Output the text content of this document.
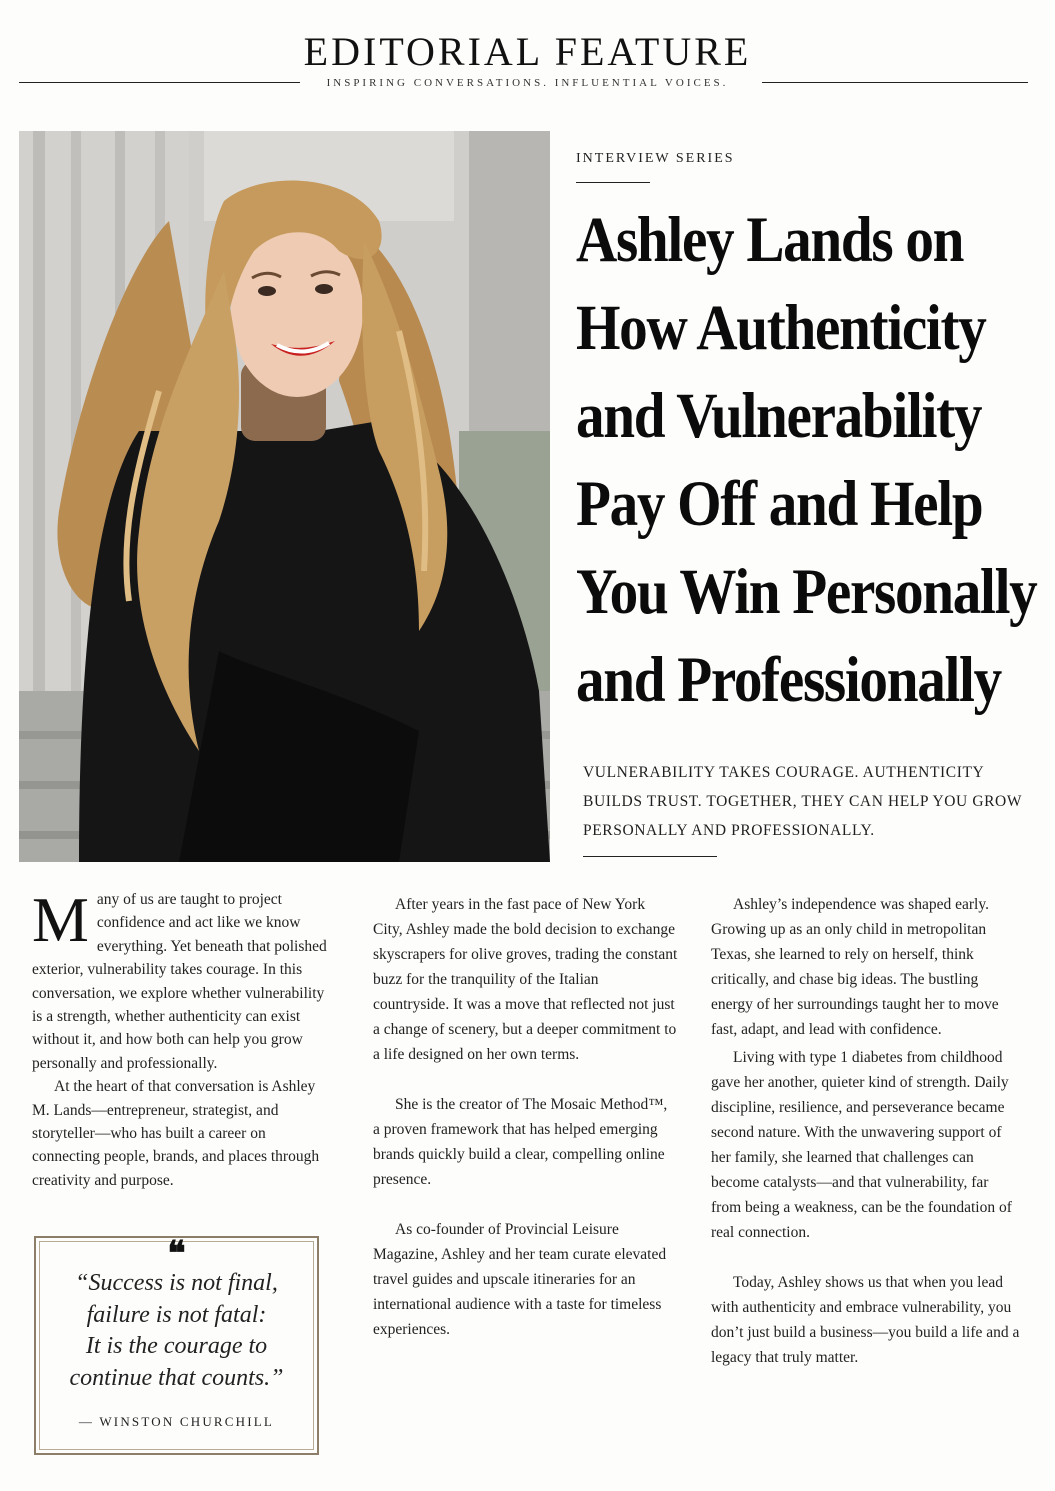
EDITORIAL FEATURE
INSPIRING CONVERSATIONS. INFLUENTIAL VOICES.
INTERVIEW SERIES
Ashley Lands on
How Authenticity
and Vulnerability
Pay Off and Help
You Win Personally
and Professionally
VULNERABILITY TAKES COURAGE. AUTHENTICITY BUILDS TRUST. TOGETHER, THEY CAN HELP YOU GROW PERSONALLY AND PROFESSIONALLY.

Many of us are taught to project confidence and act like we know everything. Yet beneath that polished exterior, vulnerability takes courage. In this conversation, we explore whether vulnerability is a strength, whether authenticity can exist without it, and how both can help you grow personally and professionally.

At the heart of that conversation is Ashley M. Lands—entrepreneur, strategist, and storyteller—who has built a career on connecting people, brands, and places through creativity and purpose.

❝
“Success is not final,
failure is not fatal:
It is the courage to
continue that counts.”
— WINSTON CHURCHILL

After years in the fast pace of New York City, Ashley made the bold decision to exchange skyscrapers for olive groves, trading the constant buzz for the tranquility of the Italian countryside. It was a move that reflected not just a change of scenery, but a deeper commitment to a life designed on her own terms.

She is the creator of The Mosaic Method™, a proven framework that has helped emerging brands quickly build a clear, compelling online presence.

As co-founder of Provincial Leisure Magazine, Ashley and her team curate elevated travel guides and upscale itineraries for an international audience with a taste for timeless experiences.

Ashley’s independence was shaped early. Growing up as an only child in metropolitan Texas, she learned to rely on herself, think critically, and chase big ideas. The bustling energy of her surroundings taught her to move fast, adapt, and lead with confidence.

Living with type 1 diabetes from childhood gave her another, quieter kind of strength. Daily discipline, resilience, and perseverance became second nature. With the unwavering support of her family, she learned that challenges can become catalysts—and that vulnerability, far from being a weakness, can be the foundation of real connection.

Today, Ashley shows us that when you lead with authenticity and embrace vulnerability, you don’t just build a business—you build a life and a legacy that truly matter.
